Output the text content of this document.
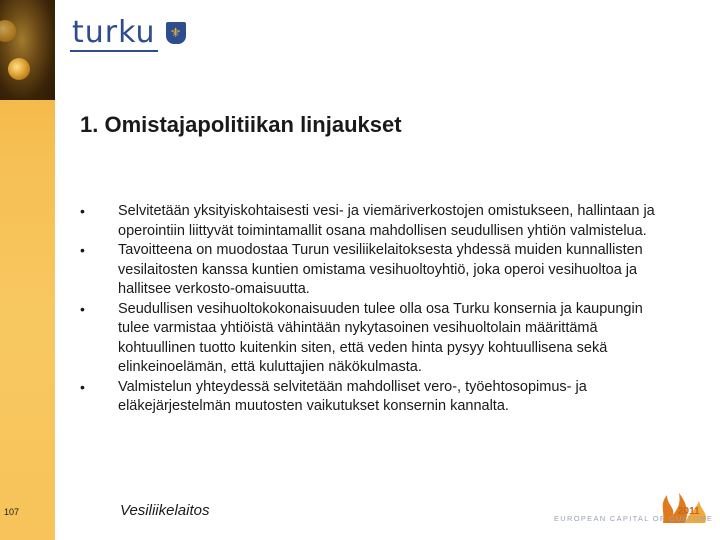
turku	⚜
1. Omistajapolitiikan linjaukset
• Selvitetään yksityiskohtaisesti vesi- ja viemäriverkostojen omistukseen, hallintaan ja operointiin liittyvät toimintamallit osana mahdollisen seudullisen yhtiön valmistelua.
• Tavoitteena on muodostaa Turun vesiliikelaitoksesta yhdessä muiden kunnallisten vesilaitosten kanssa kuntien omistama vesihuoltoyhtiö, joka operoi vesihuoltoa ja hallitsee verkosto-omaisuutta.
• Seudullisen vesihuoltokokonaisuuden tulee olla osa Turku konsernia ja kaupungin tulee varmistaa yhtiöistä vähintään nykytasoinen vesihuoltolain määrittämä kohtuullinen tuotto kuitenkin siten, että veden hinta pysyy kohtuullisena sekä elinkeinoelämän, että kuluttajien näkökulmasta.
• Valmistelun yhteydessä selvitetään mahdolliset vero-, työehtosopimus- ja eläkejärjestelmän muutosten vaikutukset konsernin kannalta.
107	Vesiliikelaitos	2011
EUROPEAN CAPITAL OF CULTURE
